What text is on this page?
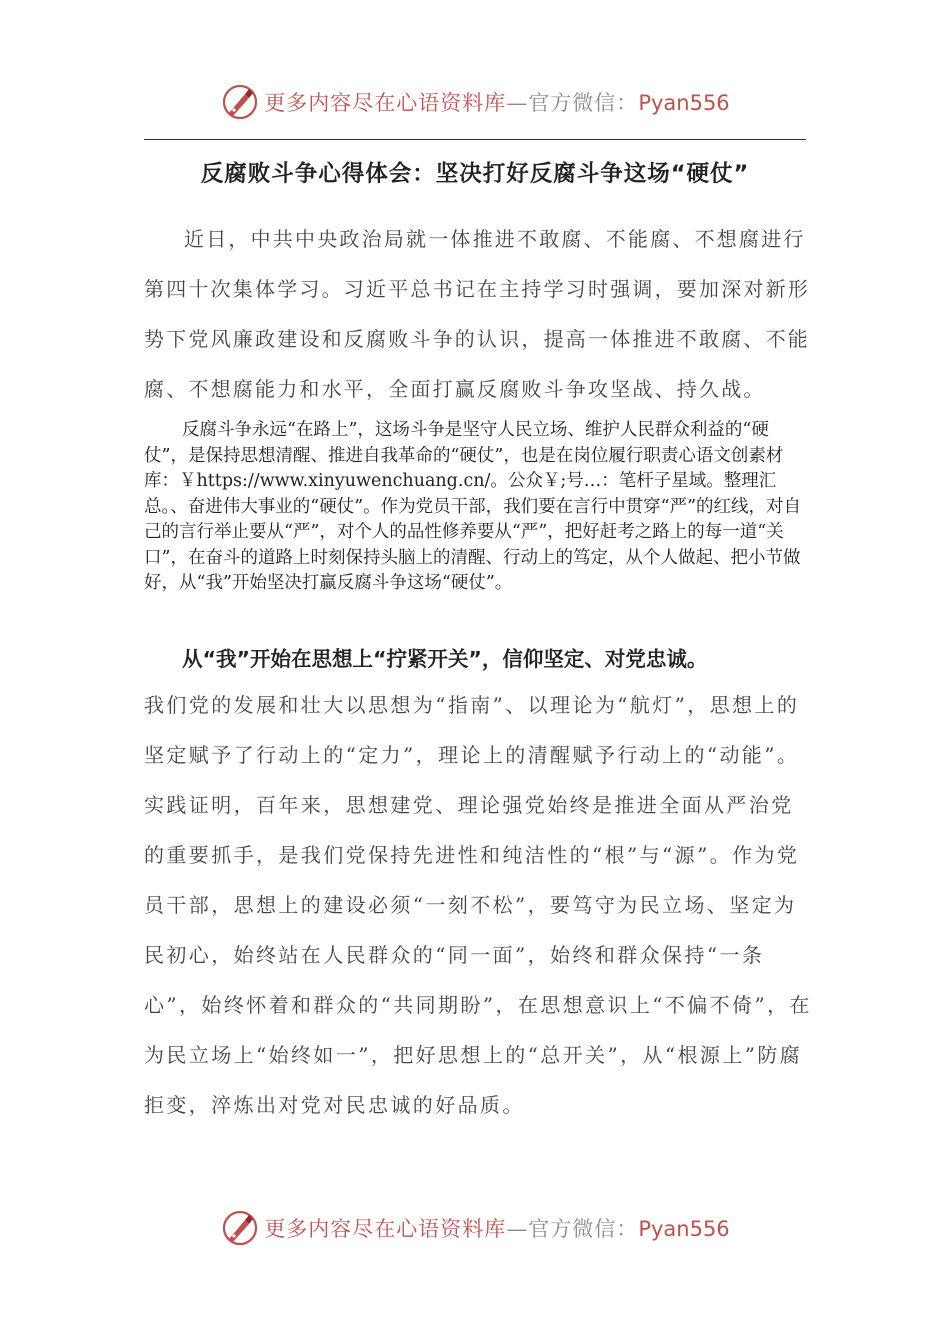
更多内容尽在心语资料库—官方微信：Pyan556
反腐败斗争心得体会：坚决打好反腐斗争这场“硬仗”

近日，中共中央政治局就一体推进不敢腐、不能腐、不想腐进行第四十次集体学习。习近平总书记在主持学习时强调，要加深对新形势下党风廉政建设和反腐败斗争的认识，提高一体推进不敢腐、不能腐、不想腐能力和水平，全面打赢反腐败斗争攻坚战、持久战。

反腐斗争永远“在路上”，这场斗争是坚守人民立场、维护人民群众利益的“硬仗”，是保持思想清醒、推进自我革命的“硬仗”，也是在岗位履行职责心语文创素材库：￥https://www.xinyuwenchuang.cn/。公众￥;号…：笔杆子星域。整理汇总。、奋进伟大事业的“硬仗”。作为党员干部，我们要在言行中贯穿“严”的红线，对自己的言行举止要从“严”，对个人的品性修养要从“严”，把好赶考之路上的每一道“关口”，在奋斗的道路上时刻保持头脑上的清醒、行动上的笃定，从个人做起、把小节做好，从“我”开始坚决打赢反腐斗争这场“硬仗”。

从“我”开始在思想上“拧紧开关”，信仰坚定、对党忠诚。

我们党的发展和壮大以思想为“指南”、以理论为“航灯”，思想上的坚定赋予了行动上的“定力”，理论上的清醒赋予行动上的“动能”。实践证明，百年来，思想建党、理论强党始终是推进全面从严治党的重要抓手，是我们党保持先进性和纯洁性的“根”与“源”。作为党员干部，思想上的建设必须“一刻不松”，要笃守为民立场、坚定为民初心，始终站在人民群众的“同一面”，始终和群众保持“一条心”，始终怀着和群众的“共同期盼”，在思想意识上“不偏不倚”，在为民立场上“始终如一”，把好思想上的“总开关”，从“根源上”防腐拒变，淬炼出对党对民忠诚的好品质。

更多内容尽在心语资料库—官方微信：Pyan556
